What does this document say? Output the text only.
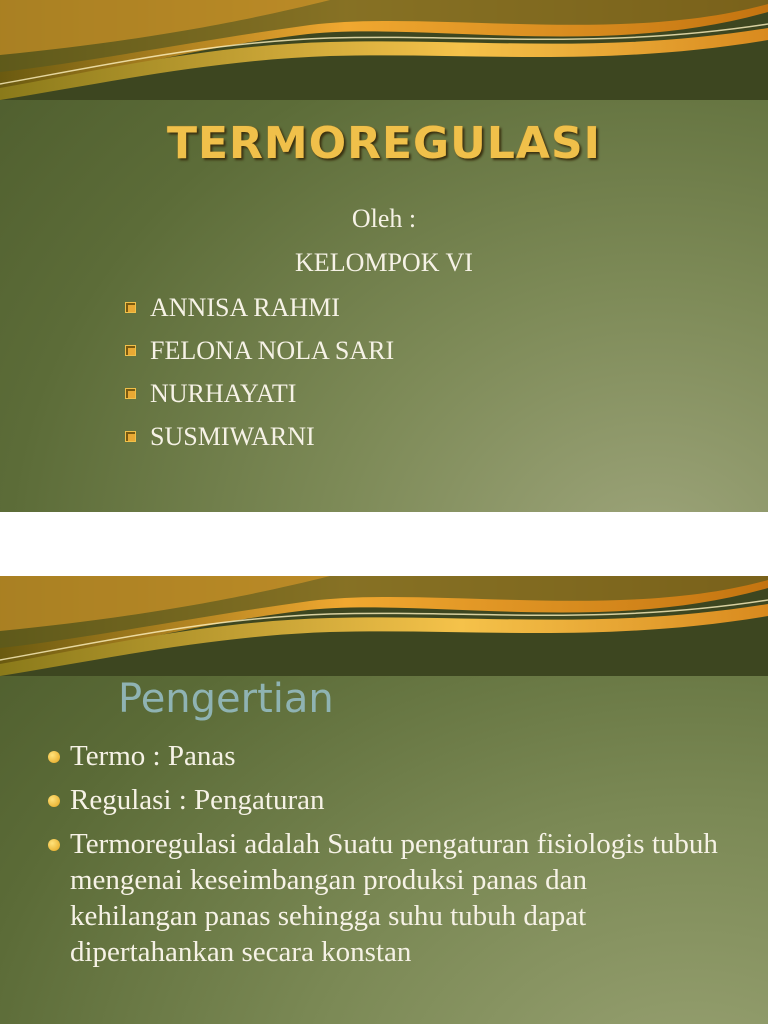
TERMOREGULASI
Oleh :
KELOMPOK VI
ANNISA RAHMI
FELONA NOLA SARI
NURHAYATI
SUSMIWARNI
Pengertian
Termo : Panas
Regulasi : Pengaturan
Termoregulasi adalah Suatu pengaturan fisiologis tubuh mengenai keseimbangan produksi panas dan kehilangan panas sehingga suhu tubuh dapat dipertahankan secara konstan
